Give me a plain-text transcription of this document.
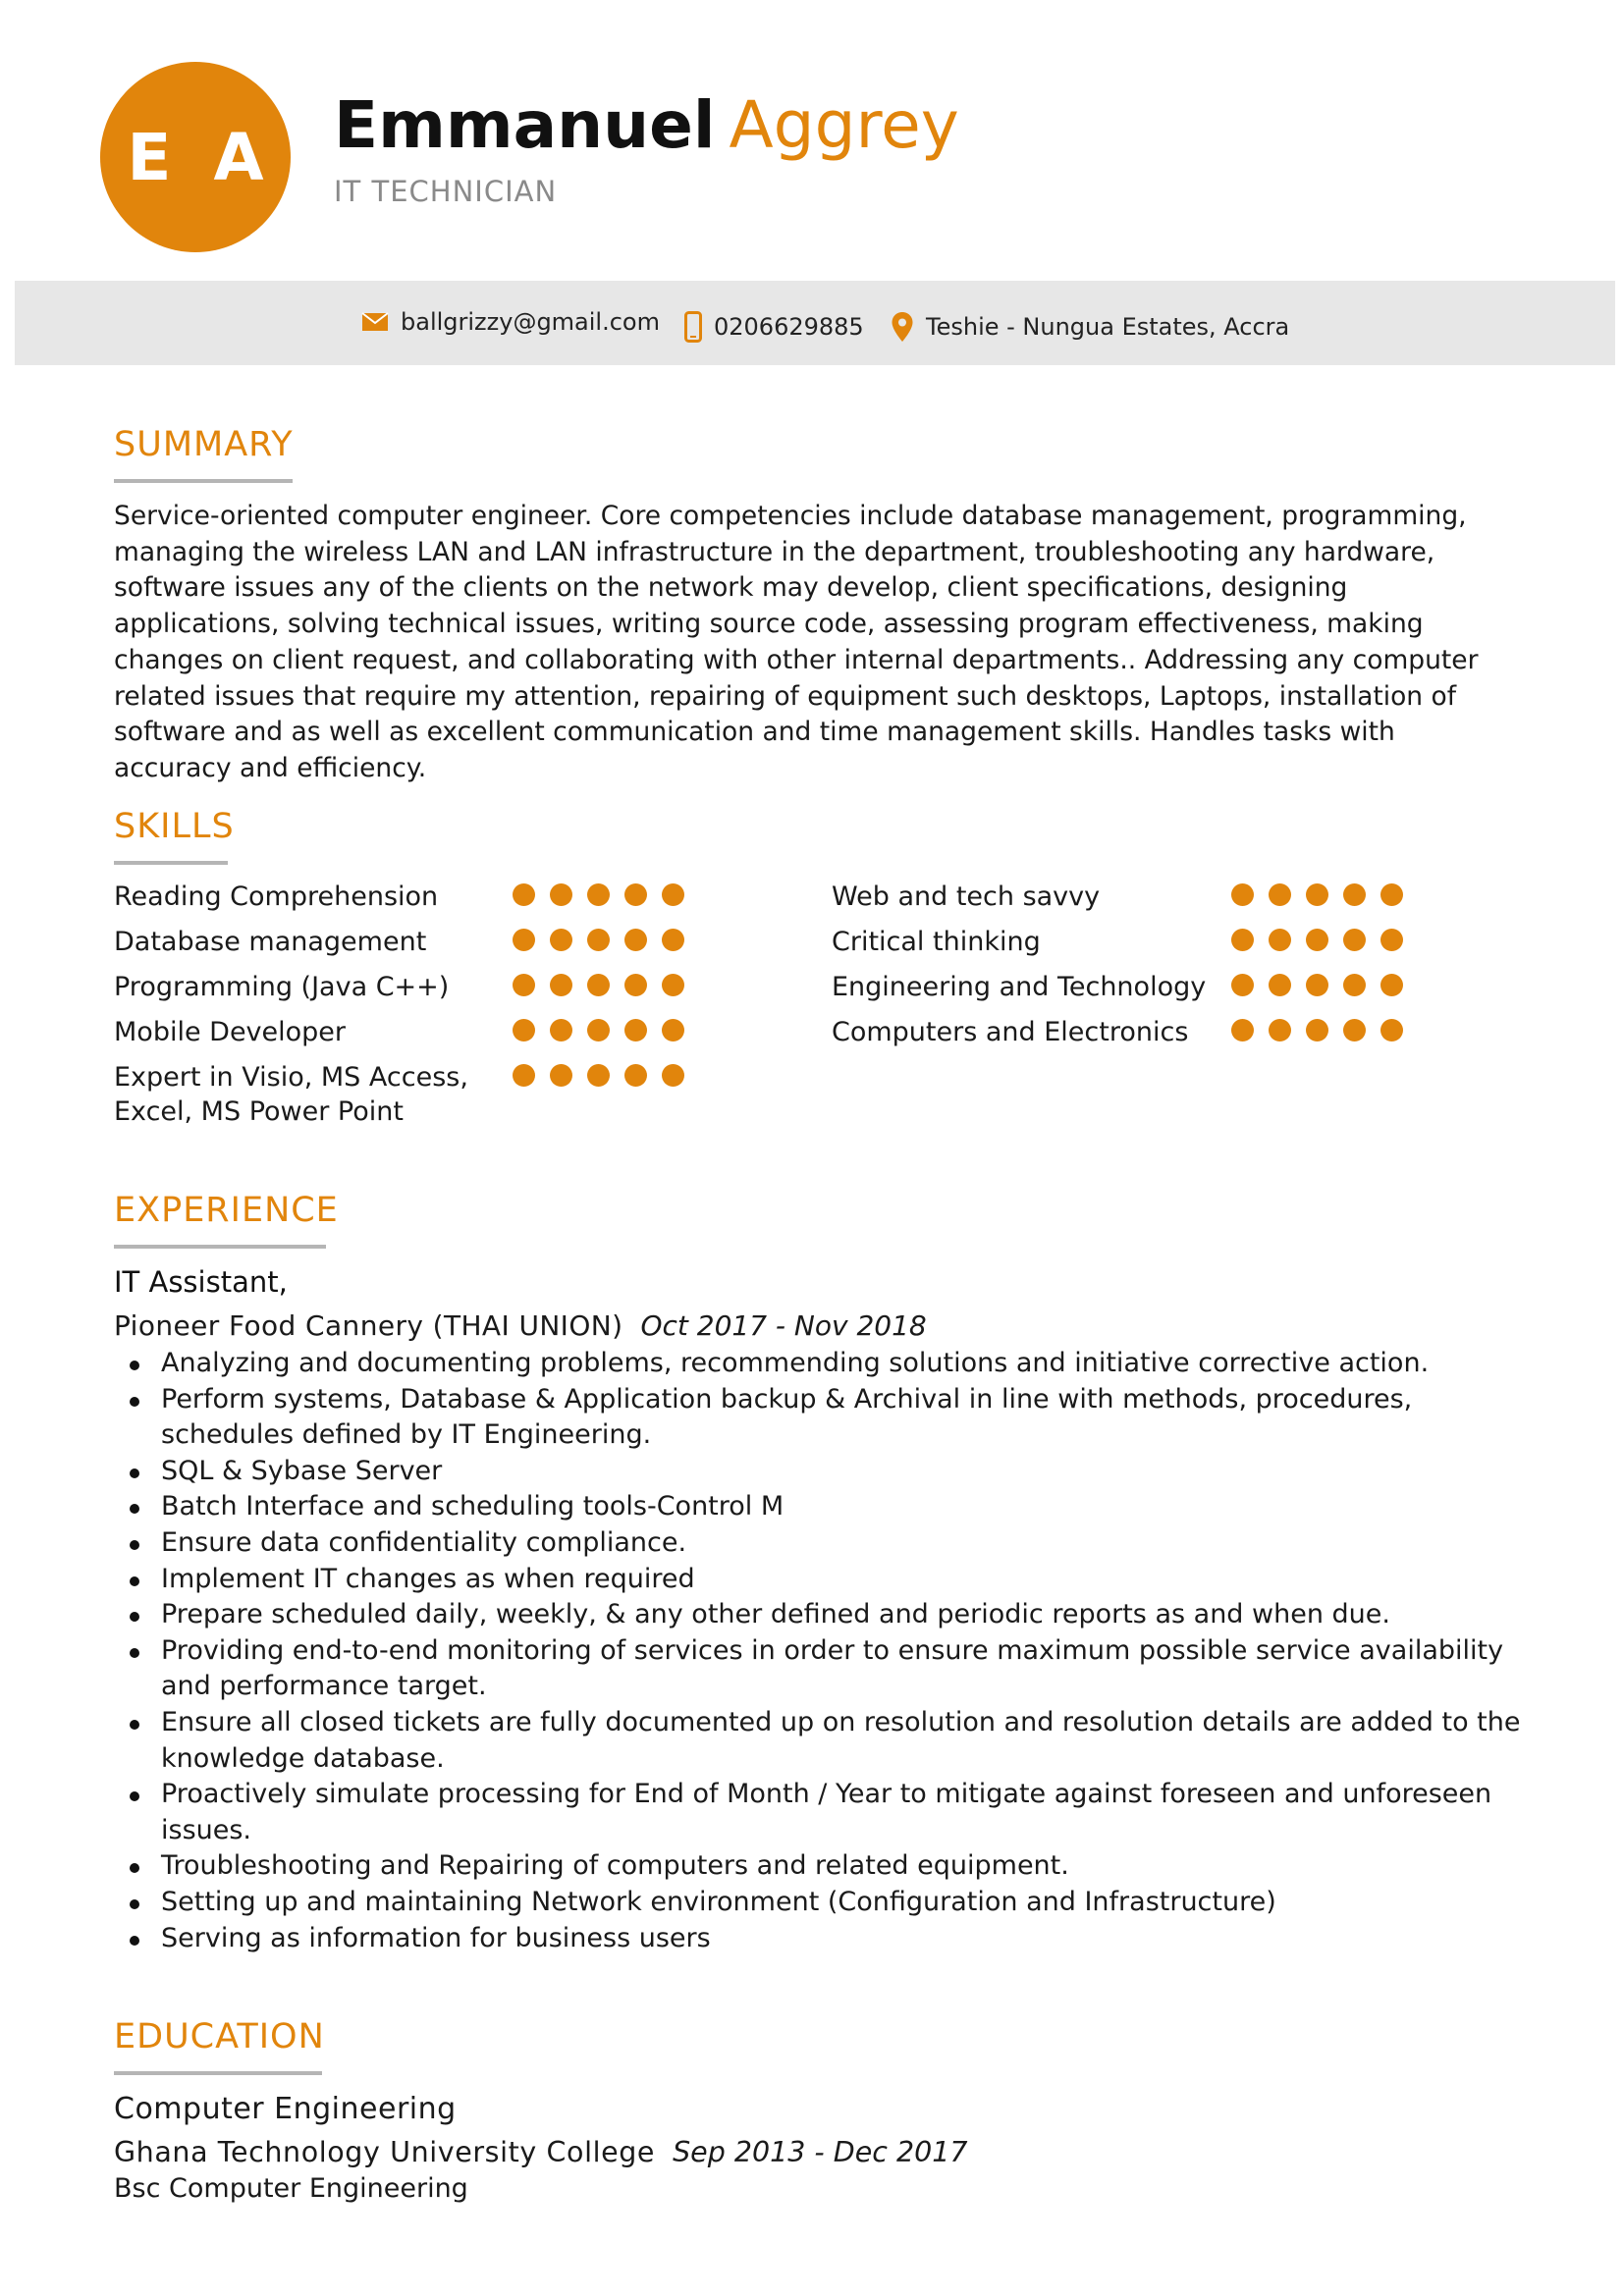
E A Emmanuel Aggrey
IT TECHNICIAN
ballgrizzy@gmail.com 0206629885	Teshie - Nungua Estates, Accra
SUMMARY
Service-oriented computer engineer. Core competencies include database management, programming, managing the wireless LAN and LAN infrastructure in the department, troubleshooting any hardware, software issues any of the clients on the network may develop, client specifications, designing applications, solving technical issues, writing source code, assessing program effectiveness, making changes on client request, and collaborating with other internal departments.. Addressing any computer related issues that require my attention, repairing of equipment such desktops, Laptops, installation of software and as well as excellent communication and time management skills. Handles tasks with accuracy and efficiency.
SKILLS
Reading Comprehension
Database management
Programming (Java C++)
Mobile Developer
Expert in Visio, MS Access, Excel, MS Power Point
Web and tech savvy
Critical thinking
Engineering and Technology
Computers and Electronics
EXPERIENCE
IT Assistant,
Pioneer Food Cannery (THAI UNION) Oct 2017 - Nov 2018
Analyzing and documenting problems, recommending solutions and initiative corrective action.
Perform systems, Database & Application backup & Archival in line with methods, procedures, schedules defined by IT Engineering.
SQL & Sybase Server
Batch Interface and scheduling tools-Control M
Ensure data confidentiality compliance.
Implement IT changes as when required
Prepare scheduled daily, weekly, & any other defined and periodic reports as and when due.
Providing end-to-end monitoring of services in order to ensure maximum possible service availability and performance target.
Ensure all closed tickets are fully documented up on resolution and resolution details are added to the knowledge database.
Proactively simulate processing for End of Month / Year to mitigate against foreseen and unforeseen issues.
Troubleshooting and Repairing of computers and related equipment.
Setting up and maintaining Network environment (Configuration and Infrastructure)
Serving as information for business users
EDUCATION
Computer Engineering
Ghana Technology University College Sep 2013 - Dec 2017
Bsc Computer Engineering
